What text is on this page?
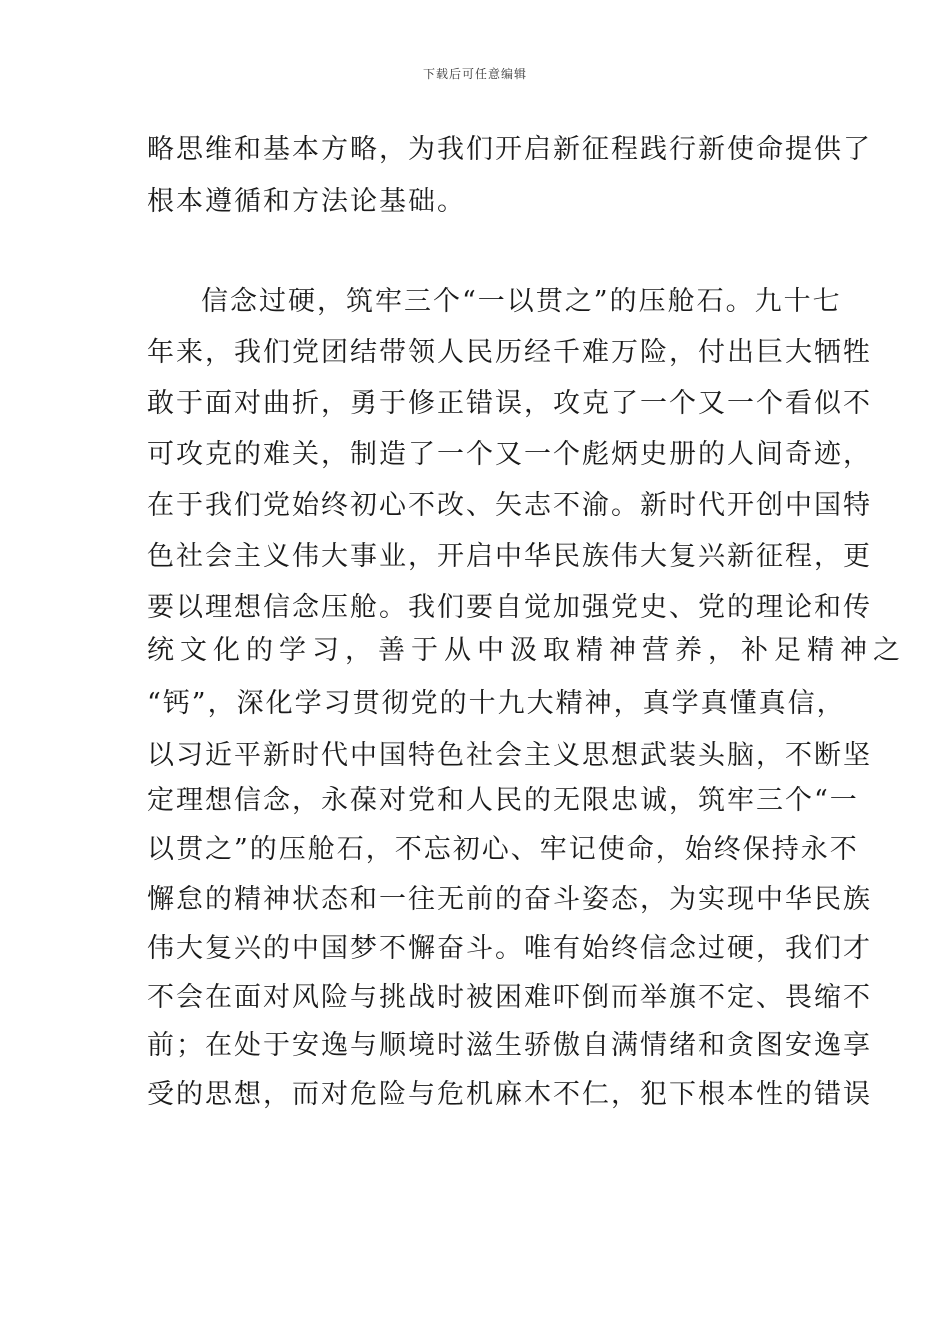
下载后可任意编辑
略思维和基本方略，为我们开启新征程践行新使命提供了
根本遵循和方法论基础。
信念过硬，筑牢三个“一以贯之”的压舱石。九十七
年来，我们党团结带领人民历经千难万险，付出巨大牺牲
敢于面对曲折，勇于修正错误，攻克了一个又一个看似不
可攻克的难关，制造了一个又一个彪炳史册的人间奇迹，
在于我们党始终初心不改、矢志不渝。新时代开创中国特
色社会主义伟大事业，开启中华民族伟大复兴新征程，更
要以理想信念压舱。我们要自觉加强党史、党的理论和传
统文化的学习，善于从中汲取精神营养，补足精神之
“钙”，深化学习贯彻党的十九大精神，真学真懂真信，
以习近平新时代中国特色社会主义思想武装头脑，不断坚
定理想信念，永葆对党和人民的无限忠诚，筑牢三个“一
以贯之”的压舱石，不忘初心、牢记使命，始终保持永不
懈怠的精神状态和一往无前的奋斗姿态，为实现中华民族
伟大复兴的中国梦不懈奋斗。唯有始终信念过硬，我们才
不会在面对风险与挑战时被困难吓倒而举旗不定、畏缩不
前；在处于安逸与顺境时滋生骄傲自满情绪和贪图安逸享
受的思想，而对危险与危机麻木不仁，犯下根本性的错误
